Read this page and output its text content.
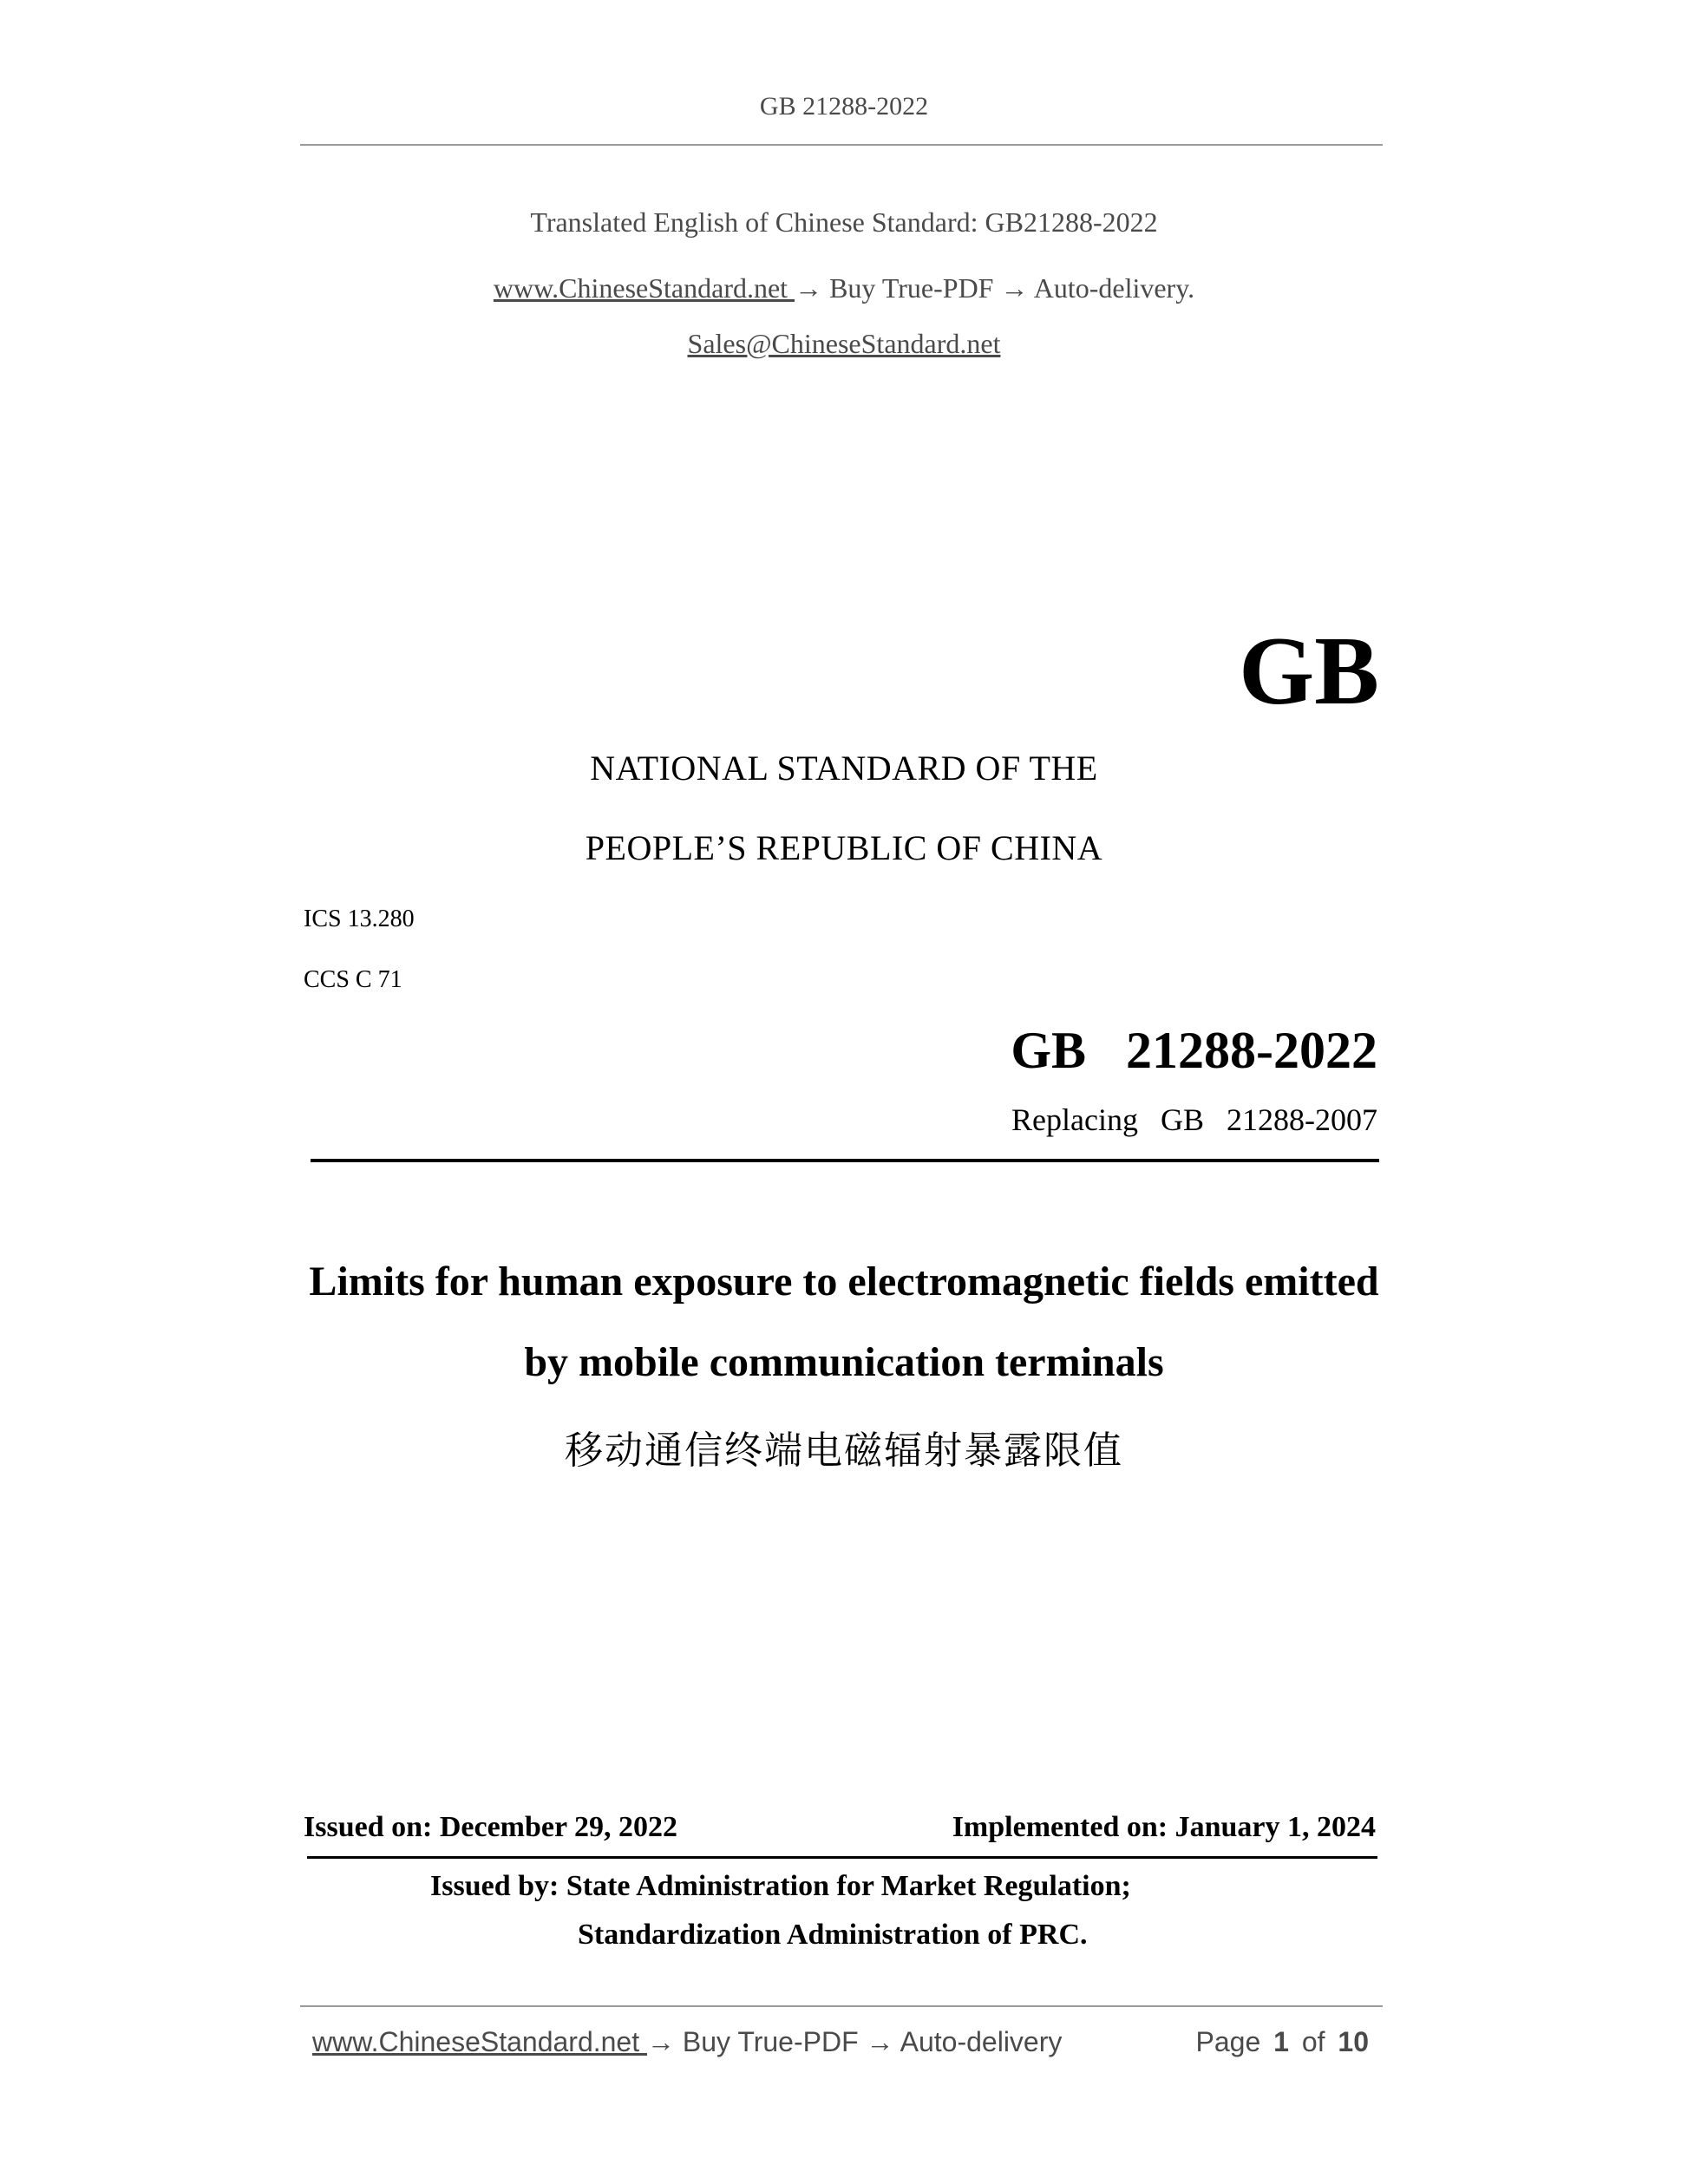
GB 21288-2022
Translated English of Chinese Standard: GB21288-2022
www.ChineseStandard.net → Buy True-PDF → Auto-delivery.
Sales@ChineseStandard.net
GB
NATIONAL STANDARD OF THE
PEOPLE’S REPUBLIC OF CHINA
ICS 13.280
CCS C 71
GB  21288-2022
Replacing  GB  21288-2007
Limits for human exposure to electromagnetic fields emitted
by mobile communication terminals
移动通信终端电磁辐射暴露限值
Issued on: December 29, 2022	Implemented on: January 1, 2024
Issued by: State Administration for Market Regulation;
Standardization Administration of PRC.
www.ChineseStandard.net → Buy True-PDF → Auto-delivery	Page 1 of 10
